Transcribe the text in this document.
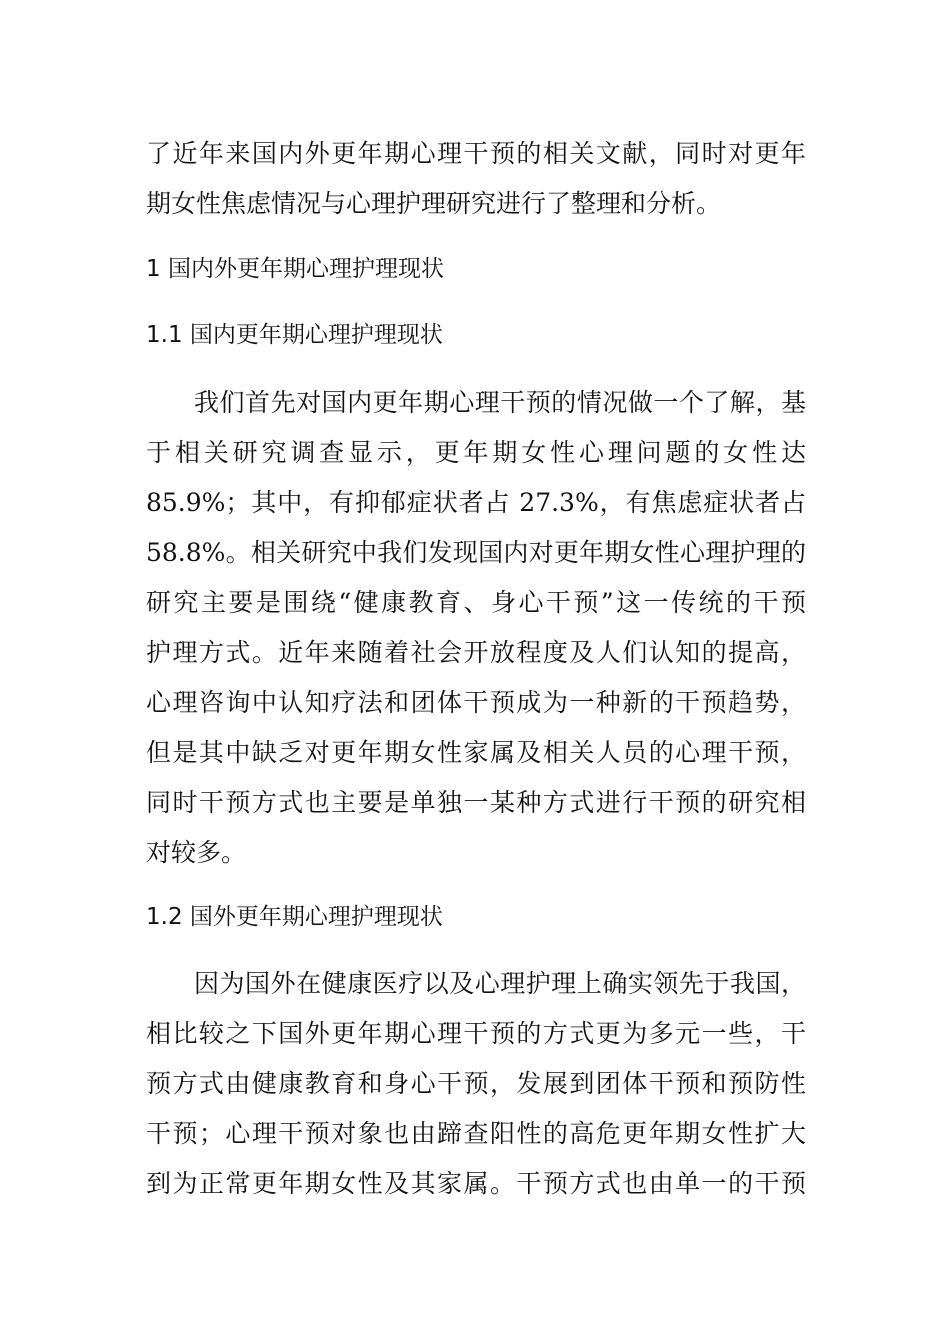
了近年来国内外更年期心理干预的相关文献，同时对更年
期女性焦虑情况与心理护理研究进行了整理和分析。
1 国内外更年期心理护理现状
1.1 国内更年期心理护理现状
我们首先对国内更年期心理干预的情况做一个了解，基
于相关研究调查显示，更年期女性心理问题的女性达
85.9%；其中，有抑郁症状者占 27.3%，有焦虑症状者占
58.8%。相关研究中我们发现国内对更年期女性心理护理的
研究主要是围绕“健康教育、身心干预”这一传统的干预
护理方式。近年来随着社会开放程度及人们认知的提高，
心理咨询中认知疗法和团体干预成为一种新的干预趋势，
但是其中缺乏对更年期女性家属及相关人员的心理干预，
同时干预方式也主要是单独一某种方式进行干预的研究相
对较多。
1.2 国外更年期心理护理现状
因为国外在健康医疗以及心理护理上确实领先于我国，
相比较之下国外更年期心理干预的方式更为多元一些，干
预方式由健康教育和身心干预，发展到团体干预和预防性
干预；心理干预对象也由蹄查阳性的高危更年期女性扩大
到为正常更年期女性及其家属。干预方式也由单一的干预
